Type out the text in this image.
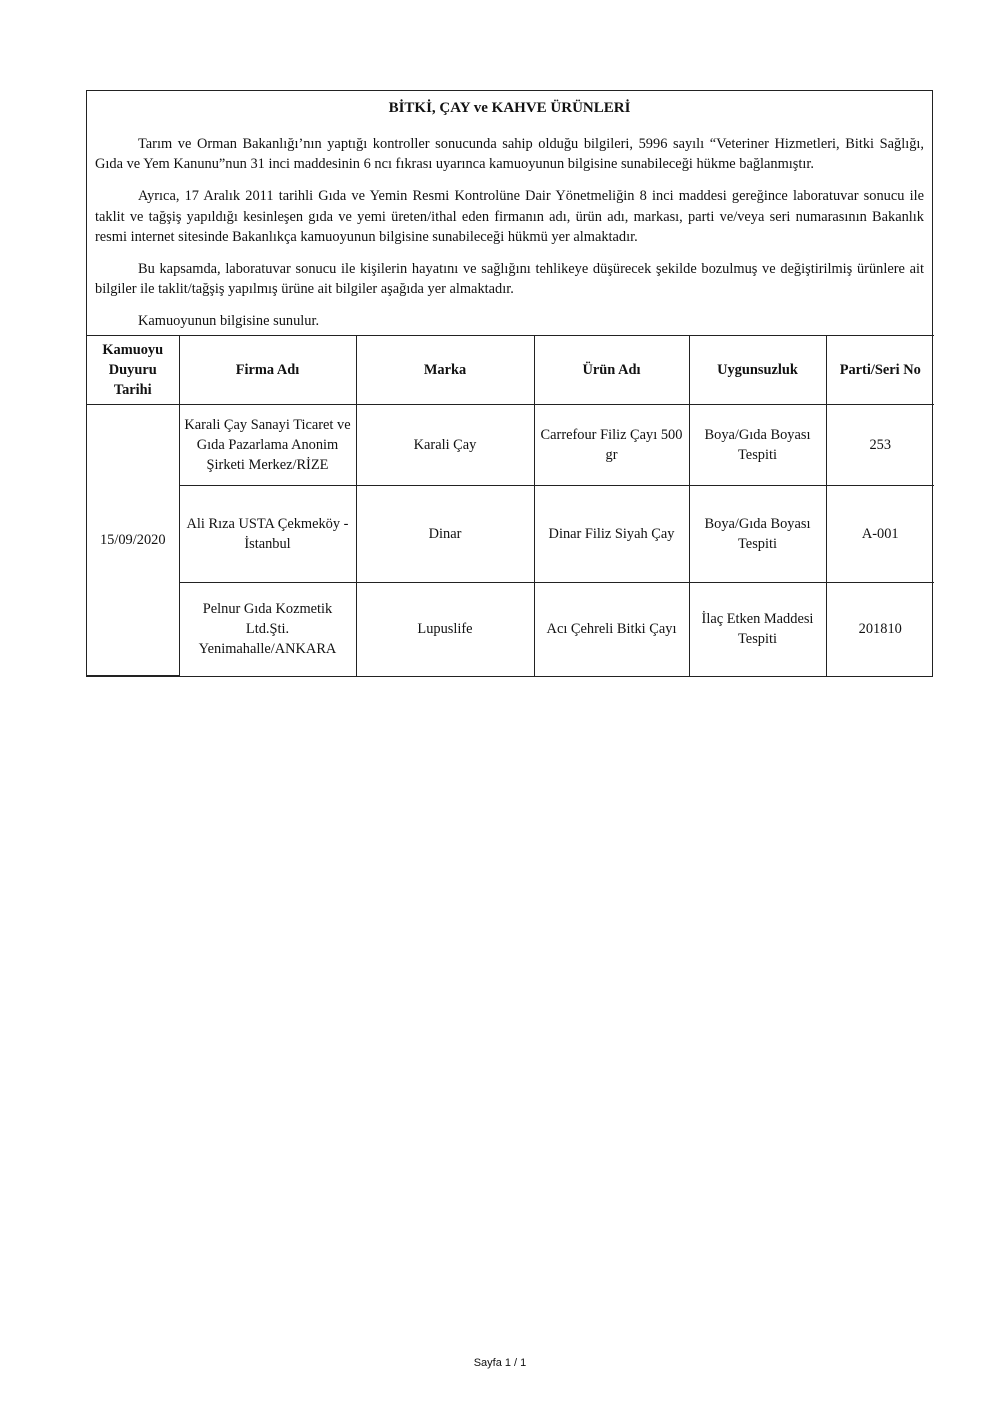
BİTKİ, ÇAY ve KAHVE ÜRÜNLERİ

Tarım ve Orman Bakanlığı’nın yaptığı kontroller sonucunda sahip olduğu bilgileri, 5996 sayılı “Veteriner Hizmetleri, Bitki Sağlığı, Gıda ve Yem Kanunu”nun 31 inci maddesinin 6 ncı fıkrası uyarınca kamuoyunun bilgisine sunabileceği hükme bağlanmıştır.

Ayrıca, 17 Aralık 2011 tarihli Gıda ve Yemin Resmi Kontrolüne Dair Yönetmeliğin 8 inci maddesi gereğince laboratuvar sonucu ile taklit ve tağşiş yapıldığı kesinleşen gıda ve yemi üreten/ithal eden firmanın adı, ürün adı, markası, parti ve/veya seri numarasının Bakanlık resmi internet sitesinde Bakanlıkça kamuoyunun bilgisine sunabileceği hükmü yer almaktadır.

Bu kapsamda, laboratuvar sonucu ile kişilerin hayatını ve sağlığını tehlikeye düşürecek şekilde bozulmuş ve değiştirilmiş ürünlere ait bilgiler ile taklit/tağşiş yapılmış ürüne ait bilgiler aşağıda yer almaktadır.

Kamuoyunun bilgisine sunulur.

Kamuoyu Duyuru Tarihi	Firma Adı	Marka	Ürün Adı	Uygunsuzluk	Parti/Seri No
15/09/2020	Karali Çay Sanayi Ticaret ve Gıda Pazarlama Anonim Şirketi Merkez/RİZE	Karali Çay	Carrefour Filiz Çayı 500 gr	Boya/Gıda Boyası Tespiti	253
	Ali Rıza USTA Çekmeköy - İstanbul	Dinar	Dinar Filiz Siyah Çay	Boya/Gıda Boyası Tespiti	A-001
	Pelnur Gıda Kozmetik Ltd.Şti. Yenimahalle/ANKARA	Lupuslife	Acı Çehreli Bitki Çayı	İlaç Etken Maddesi Tespiti	201810
Sayfa 1 / 1
